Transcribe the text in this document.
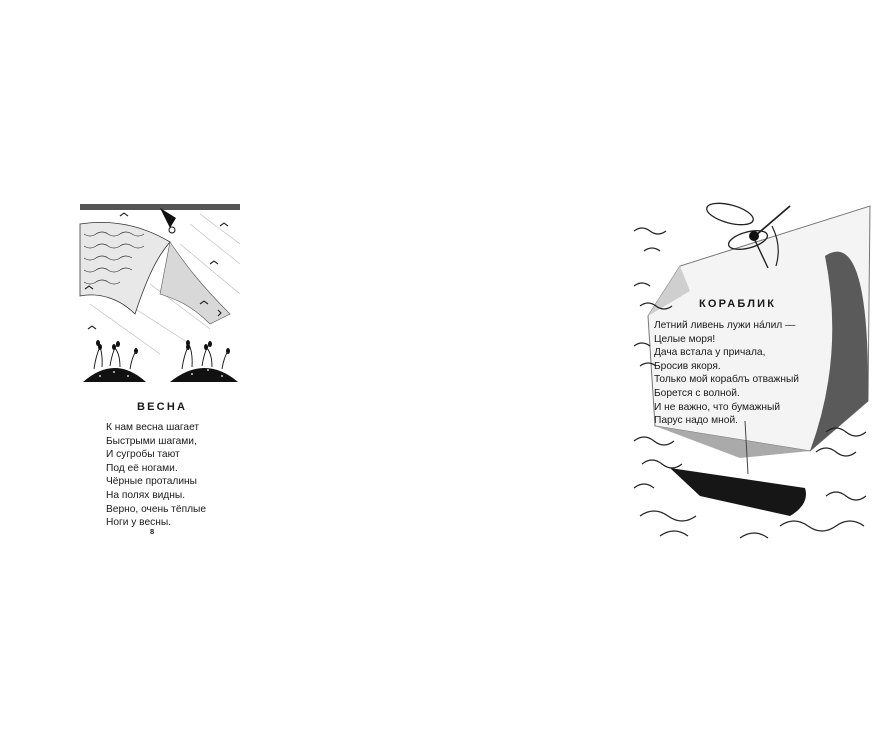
ВЕСНА
К нам весна шагает
Быстрыми шагами,
И сугробы тают
Под её ногами.
Чёрные проталины
На полях видны.
Верно, очень тёплые
Ноги у весны.
8
КОРАБЛИК
Летний ливень лужи на́лил —
Целые моря!
Дача встала у причала,
Бросив якоря.
Только мой кораблъ отважный
Борется с волной.
И не важно, что бумажный
Парус надо мной.
